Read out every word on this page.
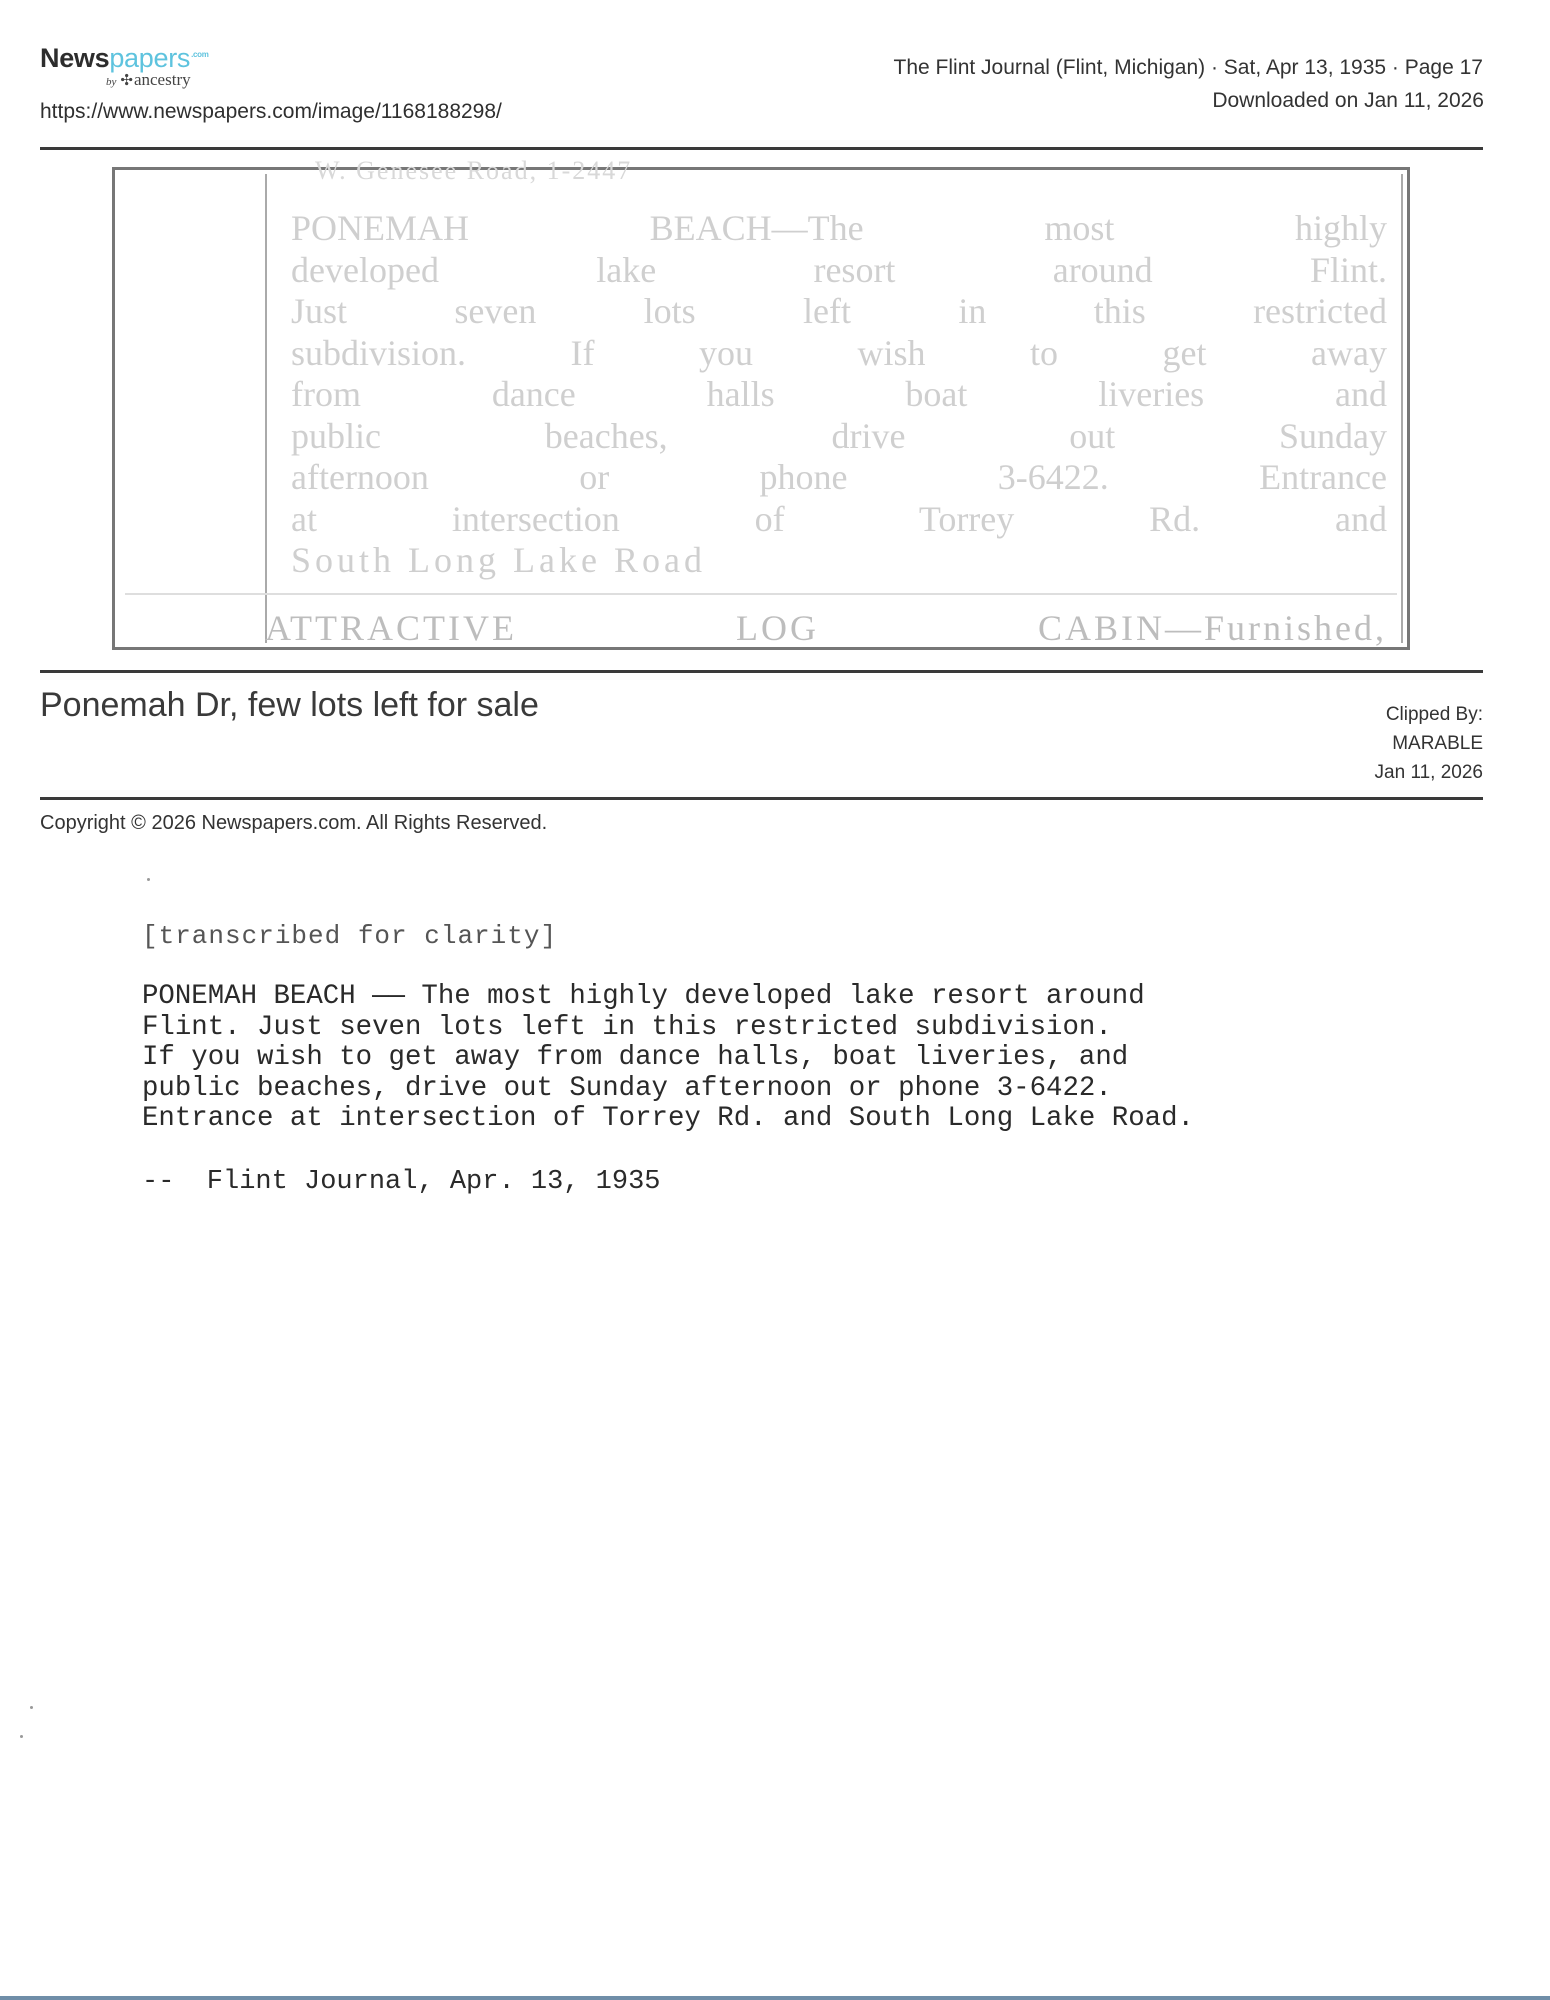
Newspapers$^{.com}$
by ✣ancestry
https://www.newspapers.com/image/1168188298/
The Flint Journal (Flint, Michigan) · Sat, Apr 13, 1935 · Page 17
Downloaded on Jan 11, 2026
W. Genesee Road, 1-2447
PONEMAH BEACH—The most highly
developed lake resort around Flint.
Just seven lots left in this restricted
subdivision. If you wish to get away
from dance halls boat liveries and
public beaches, drive out Sunday
afternoon or phone 3-6422. Entrance
at intersection of Torrey Rd. and
South Long Lake Road
ATTRACTIVE LOG CABIN—Furnished,
Ponemah Dr, few lots left for sale	Clipped By:
MARABLE
Jan 11, 2026
Copyright © 2026 Newspapers.com. All Rights Reserved.
[transcribed for clarity]
PONEMAH BEACH —— The most highly developed lake resort around
Flint. Just seven lots left in this restricted subdivision.
If you wish to get away from dance halls, boat liveries, and
public beaches, drive out Sunday afternoon or phone 3-6422.
Entrance at intersection of Torrey Rd. and South Long Lake Road.
--  Flint Journal, Apr. 13, 1935
